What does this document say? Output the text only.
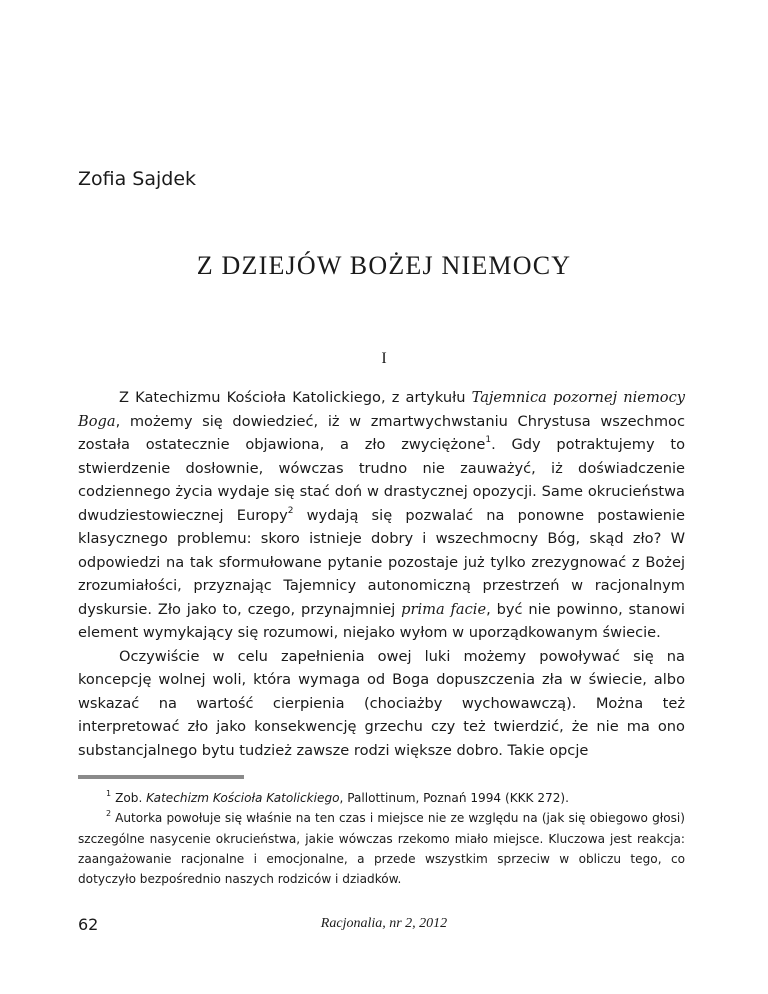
Zofia Sajdek
Z DZIEJÓW BOŻEJ NIEMOCY
I

Z Katechizmu Kościoła Katolickiego, z artykułu Tajemnica pozornej niemocy Boga, możemy się dowiedzieć, iż w zmartwychwstaniu Chrystusa wszechmoc została ostatecznie objawiona, a zło zwyciężone$^1$. Gdy potraktujemy to stwierdzenie dosłownie, wówczas trudno nie zauważyć, iż doświadczenie codziennego życia wydaje się stać doń w drastycznej opozycji. Same okrucieństwa dwudziestowiecznej Europy$^2$ wydają się pozwalać na ponowne postawienie klasycznego problemu: skoro istnieje dobry i wszechmocny Bóg, skąd zło? W odpowiedzi na tak sformułowane pytanie pozostaje już tylko zrezygnować z Bożej zrozumiałości, przyznając Tajemnicy autonomiczną przestrzeń w racjonalnym dyskursie. Zło jako to, czego, przynajmniej prima facie, być nie powinno, stanowi element wymykający się rozumowi, niejako wyłom w uporządkowanym świecie.

Oczywiście w celu zapełnienia owej luki możemy powoływać się na koncepcję wolnej woli, która wymaga od Boga dopuszczenia zła w świecie, albo wskazać na wartość cierpienia (chociażby wychowawczą). Można też interpretować zło jako konsekwencję grzechu czy też twierdzić, że nie ma ono substancjalnego bytu tudzież zawsze rodzi większe dobro. Takie opcje

$^1$ Zob. Katechizm Kościoła Katolickiego, Pallottinum, Poznań 1994 (KKK 272).

$^2$ Autorka powołuje się właśnie na ten czas i miejsce nie ze względu na (jak się obiegowo głosi) szczególne nasycenie okrucieństwa, jakie wówczas rzekomo miało miejsce. Kluczowa jest reakcja: zaangażowanie racjonalne i emocjonalne, a przede wszystkim sprzeciw w obliczu tego, co dotyczyło bezpośrednio naszych rodziców i dziadków.

62	Racjonalia, nr 2, 2012
